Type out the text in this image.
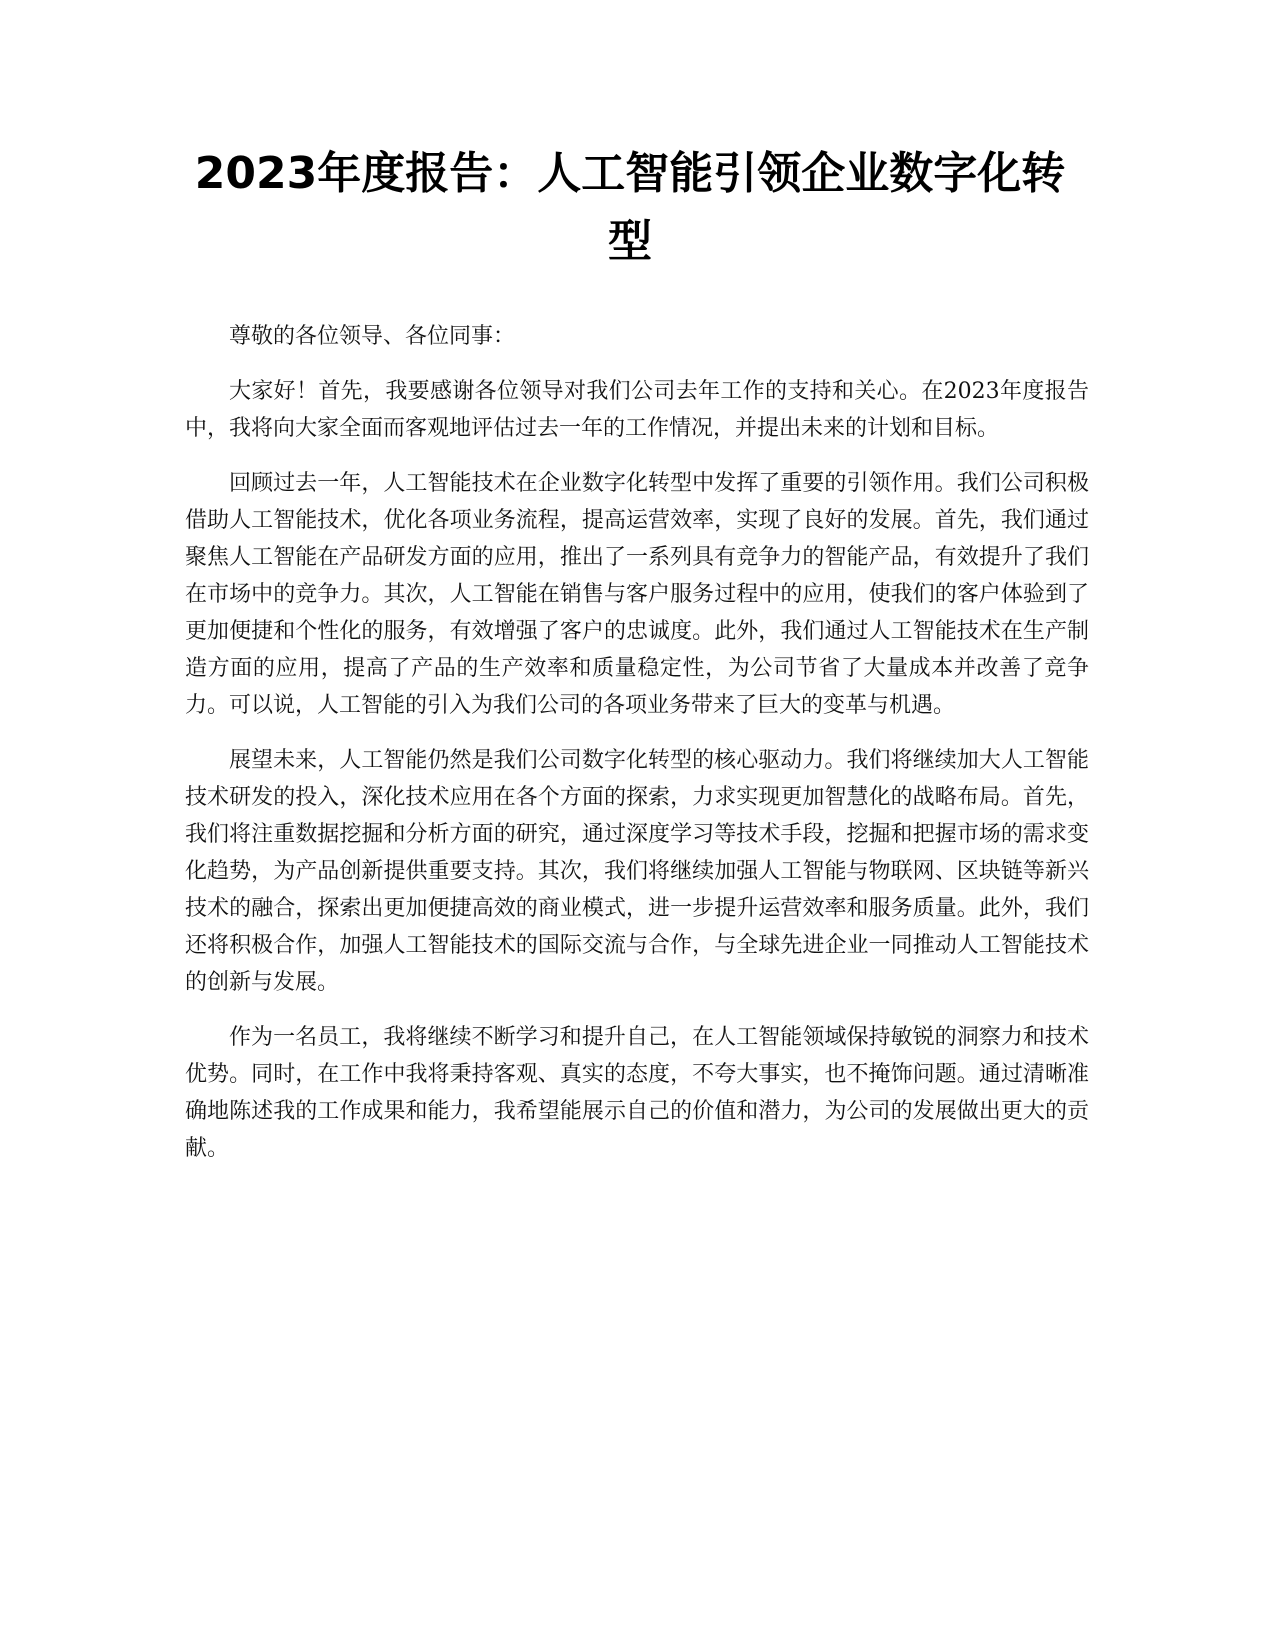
2023年度报告：人工智能引领企业数字化转型

尊敬的各位领导、各位同事：

大家好！首先，我要感谢各位领导对我们公司去年工作的支持和关心。在2023年度报告中，我将向大家全面而客观地评估过去一年的工作情况，并提出未来的计划和目标。

回顾过去一年，人工智能技术在企业数字化转型中发挥了重要的引领作用。我们公司积极借助人工智能技术，优化各项业务流程，提高运营效率，实现了良好的发展。首先，我们通过聚焦人工智能在产品研发方面的应用，推出了一系列具有竞争力的智能产品，有效提升了我们在市场中的竞争力。其次，人工智能在销售与客户服务过程中的应用，使我们的客户体验到了更加便捷和个性化的服务，有效增强了客户的忠诚度。此外，我们通过人工智能技术在生产制造方面的应用，提高了产品的生产效率和质量稳定性，为公司节省了大量成本并改善了竞争力。可以说，人工智能的引入为我们公司的各项业务带来了巨大的变革与机遇。

展望未来，人工智能仍然是我们公司数字化转型的核心驱动力。我们将继续加大人工智能技术研发的投入，深化技术应用在各个方面的探索，力求实现更加智慧化的战略布局。首先，我们将注重数据挖掘和分析方面的研究，通过深度学习等技术手段，挖掘和把握市场的需求变化趋势，为产品创新提供重要支持。其次，我们将继续加强人工智能与物联网、区块链等新兴技术的融合，探索出更加便捷高效的商业模式，进一步提升运营效率和服务质量。此外，我们还将积极合作，加强人工智能技术的国际交流与合作，与全球先进企业一同推动人工智能技术的创新与发展。

作为一名员工，我将继续不断学习和提升自己，在人工智能领域保持敏锐的洞察力和技术优势。同时，在工作中我将秉持客观、真实的态度，不夸大事实，也不掩饰问题。通过清晰准确地陈述我的工作成果和能力，我希望能展示自己的价值和潜力，为公司的发展做出更大的贡献。
